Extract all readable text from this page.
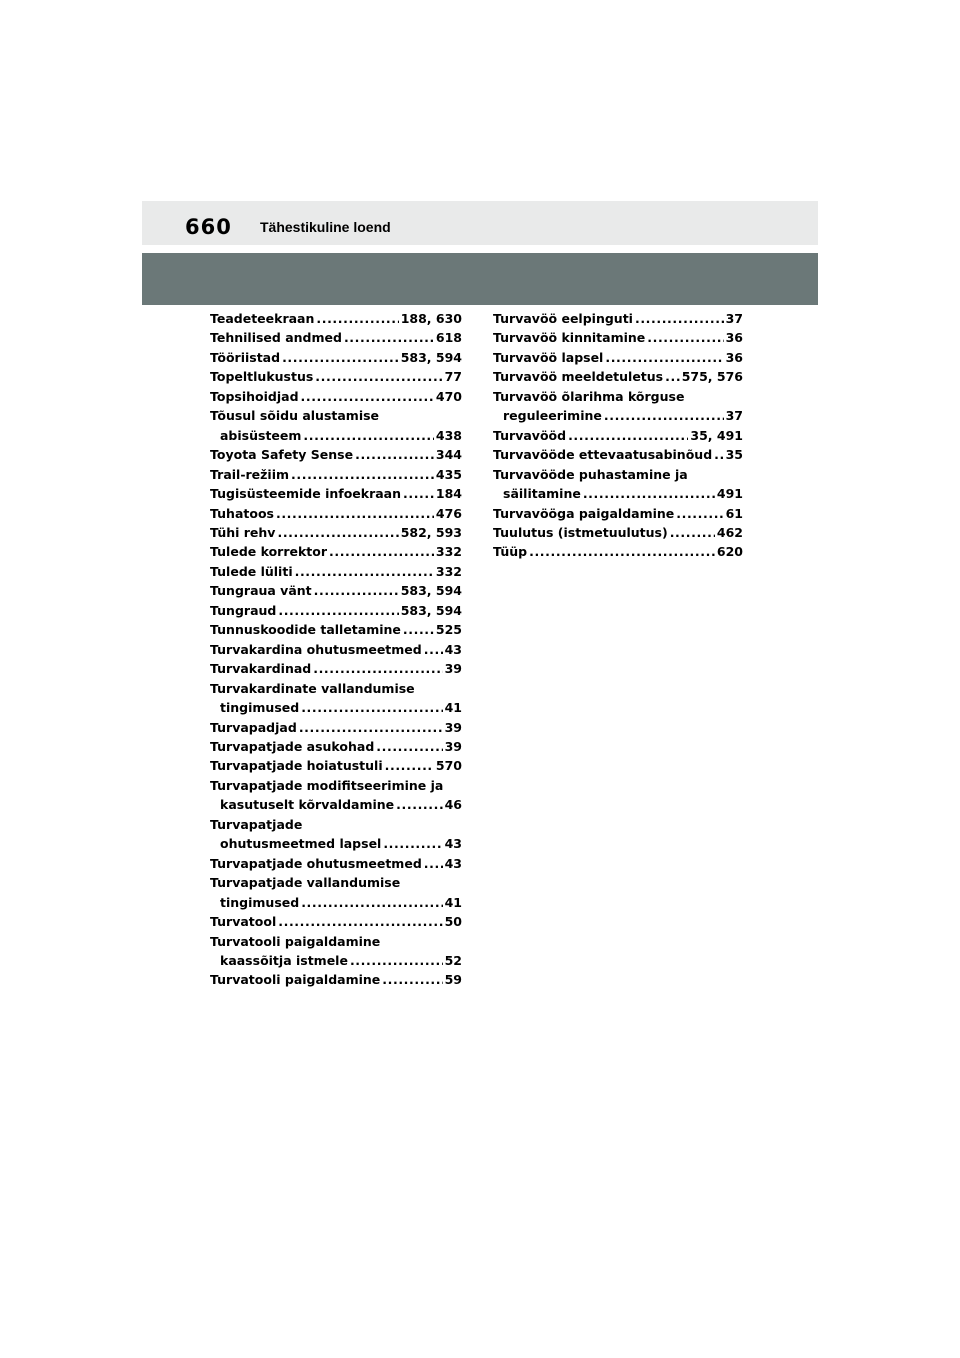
660 Tähestikuline loend
Teadeteekraan .....	188, 630
Tehnilised andmed .....	618
Tööriistad .....	583, 594
Topeltlukustus .....	77
Topsihoidjad .....	470
Tõusul sõidu alustamise
abisüsteem .....	438
Toyota Safety Sense .....	344
Trail-režiim .....	435
Tugisüsteemide infoekraan .....	184
Tuhatoos .....	476
Tühi rehv .....	582, 593
Tulede korrektor .....	332
Tulede lüliti .....	332
Tungraua vänt .....	583, 594
Tungraud .....	583, 594
Tunnuskoodide talletamine .....	525
Turvakardina ohutusmeetmed ..... 43
Turvakardinad .....	39
Turvakardinate vallandumise
tingimused .....	41
Turvapadjad .....	39
Turvapatjade asukohad .....	39
Turvapatjade hoiatustuli .....	570
Turvapatjade modifitseerimine ja
kasutuselt kõrvaldamine .....	46
Turvapatjade
ohutusmeetmed lapsel .....	43
Turvapatjade ohutusmeetmed ..... 43
Turvapatjade vallandumise
tingimused .....	41
Turvatool .....	50
Turvatooli paigaldamine
kaassõitja istmele .....	52
Turvatooli paigaldamine .....	59
Turvavöö eelpinguti .....	37
Turvavöö kinnitamine .....	36
Turvavöö lapsel .....	36
Turvavöö meeldetuletus ..... 575, 576
Turvavöö õlarihma kõrguse
reguleerimine .....	37
Turvavööd .....	35, 491
Turvavööde ettevaatusabinõud ..... 35
Turvavööde puhastamine ja
säilitamine .....	491
Turvavööga paigaldamine .....	61
Tuulutus (istmetuulutus) .....	462
Tüüp .....	620
